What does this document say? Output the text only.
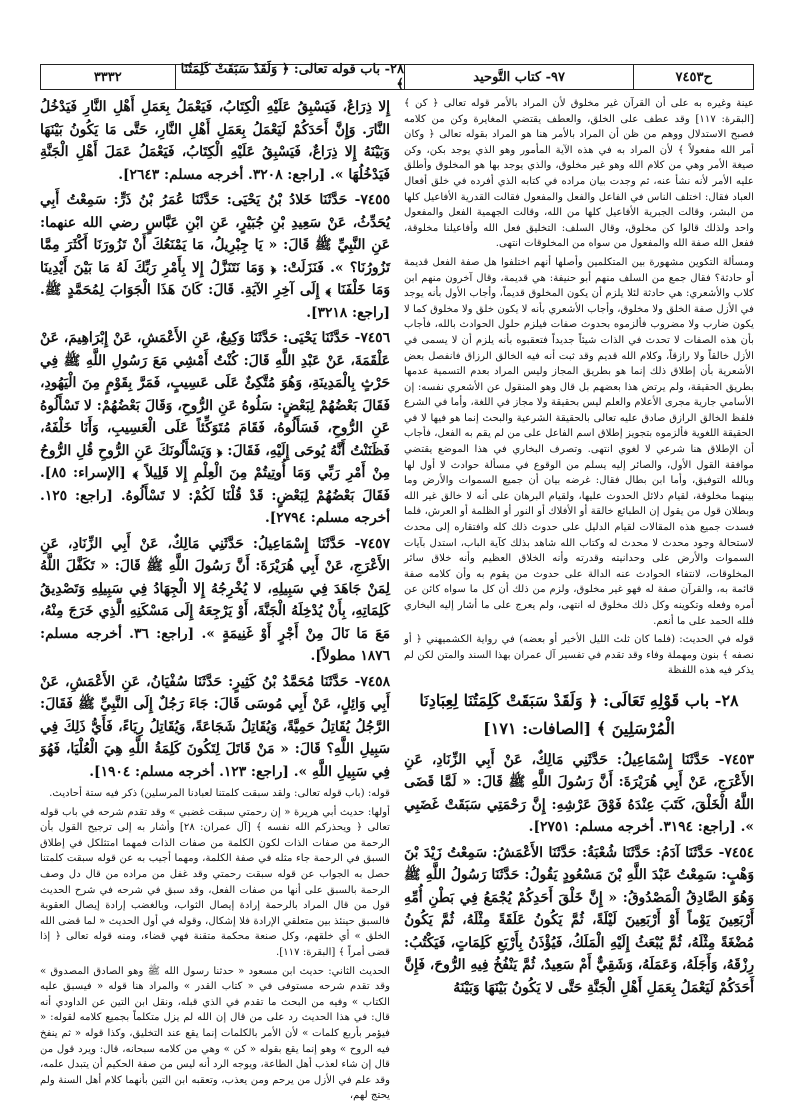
ح٧٤٥٣
٩٧- كتاب التَّوحيد
٢٨- باب قوله تعالى: ﴿ وَلَقَدْ سَبَقَتْ كَلِمَتُنَا ﴾
٣٣٣٢

عينة وغيره به على أن القرآن غير مخلوق لأن المراد بالأمر قوله تعالى ﴿ كن ﴾ [البقرة: ١١٧] وقد عطف على الخلق، والعطف يقتضي المغايرة وكن من كلامه فصبح الاستدلال ووهم من ظن أن المراد بالأمر هنا هو المراد بقوله تعالى ﴿ وكان أمر الله مفعولاً ﴾ لأن المراد به في هذه الآية المأمور وهو الذي يوجد بكن، وكن صيغة الأمر وهي من كلام الله وهو غير مخلوق، والذي يوجد بها هو المخلوق وأطلق عليه الأمر لأنه نشأ عنه، ثم وجدت بيان مراده في كتابه الذي أفرده في خلق أفعال العباد فقال: اختلف الناس في الفاعل والفعل والمفعول فقالت القدرية الأفاعيل كلها من البشر، وقالت الجبرية الأفاعيل كلها من الله، وقالت الجهمية الفعل والمفعول واحد ولذلك قالوا كن مخلوق، وقال السلف: التخليق فعل الله وأفاعيلنا مخلوقة، ففعل الله صفة الله والمفعول من سواه من المخلوقات انتهى.

ومسألة التكوين مشهورة بين المتكلمين وأصلها أنهم اختلفوا هل صفة الفعل قديمة أو حادثة؟ فقال جمع من السلف منهم أبو حنيفة: هي قديمة، وقال آخرون منهم ابن كلاب والأشعري: هي حادثة لئلا يلزم أن يكون المخلوق قديماً، وأجاب الأول بأنه يوجد في الأزل صفة الخلق ولا مخلوق، وأجاب الأشعري بأنه لا يكون خلق ولا مخلوق كما لا يكون ضارب ولا مضروب فألزموه بحدوث صفات فيلزم حلول الحوادث بالله، فأجاب بأن هذه الصفات لا تحدث في الذات شيئاً جديداً فتعقبوه بأنه يلزم أن لا يسمى في الأزل خالقاً ولا رازقاً، وكلام الله قديم وقد ثبت أنه فيه الخالق الرزاق فانفصل بعض الأشعرية بأن إطلاق ذلك إنما هو بطريق المجاز وليس المراد بعدم التسمية عدمها بطريق الحقيقة، ولم يرتض هذا بعضهم بل قال وهو المنقول عن الأشعري نفسه: إن الأسامي جارية مجرى الأعلام والعلم ليس بحقيقة ولا مجاز في اللغة، وأما في الشرع فلفظ الخالق الرازق صادق عليه تعالى بالحقيقة الشرعية والبحث إنما هو فيها لا في الحقيقة اللغوية فألزموه بتجويز إطلاق اسم الفاعل على من لم يقم به الفعل، فأجاب أن الإطلاق هنا شرعي لا لغوي انتهى. وتصرف البخاري في هذا الموضع يقتضي موافقة القول الأول، والصائر إليه يسلم من الوقوع في مسألة حوادث لا أول لها وبالله التوفيق، وأما ابن بطال فقال: غرضه بيان أن جميع السموات والأرض وما بينهما مخلوقة، لقيام دلائل الحدوث عليها، ولقيام البرهان على أنه لا خالق غير الله وبطلان قول من يقول إن الطبائع خالقة أو الأفلاك أو النور أو الظلمة أو العرش، فلما فسدت جميع هذه المقالات لقيام الدليل على حدوث ذلك كله وافتقاره إلى محدث لاستحالة وجود محدث لا محدث له وكتاب الله شاهد بذلك كآية الباب، استدل بآيات السموات والأرض على وحدانيته وقدرته وأنه الخلاق العظيم وأنه خلاق سائر المخلوقات، لانتفاء الحوادث عنه الدالة على حدوث من يقوم به وأن كلامه صفة قائمة به، والقرآن صفة له فهو غير مخلوق، ولزم من ذلك أن كل ما سواه كائن عن أمره وفعله وتكوينه وكل ذلك مخلوق له انتهى، ولم يعرج على ما أشار إليه البخاري فلله الحمد على ما أنعم.

قوله في الحديث: (فلما كان ثلث الليل الأخير أو بعضه) في رواية الكشميهني ﴿ أو نصفه ﴾ بنون ومهملة وفاء وقد تقدم في تفسير آل عمران بهذا السند والمتن لكن لم يذكر فيه هذه اللفظة

٢٨- باب قَوْلِهِ تَعَالَى: ﴿ وَلَقَدْ سَبَقَتْ كَلِمَتُنَا لِعِبَادِنَا الْمُرْسَلِينَ ﴾ [الصافات: ١٧١]

٧٤٥٣- حَدَّثَنَا إِسْمَاعِيلُ: حَدَّثَنِي مَالِكٌ، عَنْ أَبِي الزِّنَادِ، عَنِ الأَعْرَجِ، عَنْ أَبِي هُرَيْرَةَ: أَنَّ رَسُولَ اللَّهِ ﷺ قَالَ: « لَمَّا قَضَى اللَّهُ الْخَلْقَ، كَتَبَ عِنْدَهُ فَوْقَ عَرْشِهِ: إِنَّ رَحْمَتِي سَبَقَتْ غَضَبِي ». [راجع: ٣١٩٤. أخرجه مسلم: ٢٧٥١].

٧٤٥٤- حَدَّثَنَا آدَمُ: حَدَّثَنَا شُعْبَةُ: حَدَّثَنَا الأَعْمَشُ: سَمِعْتُ زَيْدَ بْنَ وَهْبٍ: سَمِعْتُ عَبْدَ اللَّهِ بْنَ مَسْعُودٍ يَقُولُ: حَدَّثَنَا رَسُولُ اللَّهِ ﷺ وَهُوَ الصَّادِقُ الْمَصْدُوقُ: « إِنَّ خَلْقَ أَحَدِكُمْ يُجْمَعُ فِي بَطْنِ أُمِّهِ أَرْبَعِينَ يَوْماً أَوْ أَرْبَعِينَ لَيْلَةً، ثُمَّ يَكُونُ عَلَقَةً مِثْلَهُ، ثُمَّ يَكُونُ مُضْغَةً مِثْلَهُ، ثُمَّ يُبْعَثُ إِلَيْهِ الْمَلَكُ، فَيُؤْذَنُ بِأَرْبَعِ كَلِمَاتٍ، فَيَكْتُبُ: رِزْقَهُ، وَأَجَلَهُ، وَعَمَلَهُ، وَشَقِيٌّ أَمْ سَعِيدٌ، ثُمَّ يَنْفُخُ فِيهِ الرُّوحَ، فَإِنَّ أَحَدَكُمْ لَيَعْمَلُ بِعَمَلِ أَهْلِ الْجَنَّةِ حَتَّى لا يَكُونُ بَيْنَهَا وَبَيْنَهُ

إِلا ذِرَاعٌ، فَيَسْبِقُ عَلَيْهِ الْكِتَابُ، فَيَعْمَلُ بِعَمَلِ أَهْلِ النَّارِ فَيَدْخُلُ النَّارَ. وَإِنَّ أَحَدَكُمْ لَيَعْمَلُ بِعَمَلِ أَهْلِ النَّارِ، حَتَّى مَا يَكُونُ بَيْنَهَا وَبَيْنَهُ إِلا ذِرَاعٌ، فَيَسْبِقُ عَلَيْهِ الْكِتَابُ، فَيَعْمَلُ عَمَلَ أَهْلِ الْجَنَّةِ فَيَدْخُلُهَا ». [راجع: ٣٢٠٨. أخرجه مسلم: ٢٦٤٣].

٧٤٥٥- حَدَّثَنَا خَلادُ بْنُ يَحْيَى: حَدَّثَنَا عُمَرُ بْنُ ذَرٍّ: سَمِعْتُ أَبِي يُحَدِّثُ، عَنْ سَعِيدِ بْنِ جُبَيْرٍ، عَنِ ابْنِ عَبَّاسٍ رضي الله عنهما: عَنِ النَّبِيِّ ﷺ قَالَ: « يَا جِبْرِيلُ، مَا يَمْنَعُكَ أَنْ تَزُورَنَا أَكْثَرَ مِمَّا تَزُورُنَا؟ ». فَنَزَلَتْ: ﴿ وَمَا نَتَنَزَّلُ إِلا بِأَمْرِ رَبِّكَ لَهُ مَا بَيْنَ أَيْدِينَا وَمَا خَلْفَنَا ﴾ إِلَى آخِرِ الآيَةِ. قَالَ: كَانَ هَذَا الْجَوَابَ لِمُحَمَّدٍ ﷺ. [راجع: ٣٢١٨].

٧٤٥٦- حَدَّثَنَا يَحْيَى: حَدَّثَنَا وَكِيعٌ، عَنِ الأَعْمَشِ، عَنْ إِبْرَاهِيمَ، عَنْ عَلْقَمَةَ، عَنْ عَبْدِ اللَّهِ قَالَ: كُنْتُ أَمْشِي مَعَ رَسُولِ اللَّهِ ﷺ فِي حَرْثٍ بِالْمَدِينَةِ، وَهُوَ مُتَّكِئٌ عَلَى عَسِيبٍ، فَمَرَّ بِقَوْمٍ مِنَ الْيَهُودِ، فَقَالَ بَعْضُهُمْ لِبَعْضٍ: سَلُوهُ عَنِ الرُّوحِ، وَقَالَ بَعْضُهُمْ: لا تَسْأَلُوهُ عَنِ الرُّوحِ، فَسَأَلُوهُ، فَقَامَ مُتَوَكِّئاً عَلَى الْعَسِيبِ، وَأَنَا خَلْفَهُ، فَظَنَنْتُ أَنَّهُ يُوحَى إِلَيْهِ، فَقَالَ: ﴿ وَيَسْأَلُونَكَ عَنِ الرُّوحِ قُلِ الرُّوحُ مِنْ أَمْرِ رَبِّي وَمَا أُوتِيتُمْ مِنَ الْعِلْمِ إِلا قَلِيلاً ﴾ [الإسراء: ٨٥]. فَقَالَ بَعْضُهُمْ لِبَعْضٍ: قَدْ قُلْنَا لَكُمْ: لا تَسْأَلُوهُ. [راجع: ١٢٥. أخرجه مسلم: ٢٧٩٤].

٧٤٥٧- حَدَّثَنَا إِسْمَاعِيلُ: حَدَّثَنِي مَالِكٌ، عَنْ أَبِي الزِّنَادِ، عَنِ الأَعْرَجِ، عَنْ أَبِي هُرَيْرَةَ: أَنَّ رَسُولَ اللَّهِ ﷺ قَالَ: « تَكَفَّلَ اللَّهُ لِمَنْ جَاهَدَ فِي سَبِيلِهِ، لا يُخْرِجُهُ إِلا الْجِهَادُ فِي سَبِيلِهِ وَتَصْدِيقُ كَلِمَاتِهِ، بِأَنْ يُدْخِلَهُ الْجَنَّةَ، أَوْ يَرْجِعَهُ إِلَى مَسْكَنِهِ الَّذِي خَرَجَ مِنْهُ، مَعَ مَا نَالَ مِنْ أَجْرٍ أَوْ غَنِيمَةٍ ». [راجع: ٣٦. أخرجه مسلم: ١٨٧٦ مطولاً].

٧٤٥٨- حَدَّثَنَا مُحَمَّدُ بْنُ كَثِيرٍ: حَدَّثَنَا سُفْيَانُ، عَنِ الأَعْمَشِ، عَنْ أَبِي وَائِلٍ، عَنْ أَبِي مُوسَى قَالَ: جَاءَ رَجُلٌ إِلَى النَّبِيِّ ﷺ فَقَالَ: الرَّجُلُ يُقَاتِلُ حَمِيَّةً، وَيُقَاتِلُ شَجَاعَةً، وَيُقَاتِلُ رِيَاءً، فَأَيُّ ذَلِكَ فِي سَبِيلِ اللَّهِ؟ قَالَ: « مَنْ قَاتَلَ لِتَكُونَ كَلِمَةُ اللَّهِ هِيَ الْعُلْيَا، فَهُوَ فِي سَبِيلِ اللَّهِ ». [راجع: ١٢٣. أخرجه مسلم: ١٩٠٤].

قوله: (باب قوله تعالى: ولقد سبقت كلمتنا لعبادنا المرسلين) ذكر فيه ستة أحاديث.

أولها: حديث أبي هريرة « إن رحمتي سبقت غضبي » وقد تقدم شرحه في باب قوله تعالى ﴿ ويحذركم الله نفسه ﴾ [آل عمران: ٢٨] وأشار به إلى ترجيح القول بأن الرحمة من صفات الذات لكون الكلمة من صفات الذات فمهما امتثلكل في إطلاق السبق في الرحمة جاء مثله في صفة الكلمة، ومهما أجيب به عن قوله سبقت كلمتنا حصل به الجواب عن قوله سبقت رحمتي وقد غفل من مراده من قال دل وصف الرحمة بالسبق على أنها من صفات الفعل، وقد سبق في شرحه في شرح الحديث قول من قال المراد بالرحمة إرادة إيصال الثواب، وبالغضب إرادة إيصال العقوبة فالسبق حينئذ بين متعلقي الإرادة فلا إشكال، وقوله في أول الحديث « لما قضى الله الخلق » أي خلقهم، وكل صنعة محكمة متقنة فهي قضاء، ومنه قوله تعالى ﴿ إذا قضى أمراً ﴾ [البقرة: ١١٧].

الحديث الثاني: حديث ابن مسعود « حدثنا رسول الله ﷺ وهو الصادق المصدوق » وقد تقدم شرحه مستوفى في « كتاب القدر » والمراد هنا قوله « فيسبق عليه الكتاب » وفيه من البحث ما تقدم في الذي قبله، ونقل ابن التين عن الداودي أنه قال: في هذا الحديث رد على من قال إن الله لم يزل متكلماً بجميع كلامه لقوله: « فيؤمر بأربع كلمات » لأن الأمر بالكلمات إنما يقع عند التخليق، وكذا قوله « ثم ينفخ فيه الروح » وهو إنما يقع بقوله « كن » وهي من كلامه سبحانه، قال: ويرد قول من قال إن شاء لعذب أهل الطاعة، ويوجه الرد أنه ليس من صفة الحكيم أن يتبدل علمه، وقد علم في الأزل من يرحم ومن يعذب، وتعقبه ابن التين بأنهما كلام أهل السنة ولم يحتج لهم،
